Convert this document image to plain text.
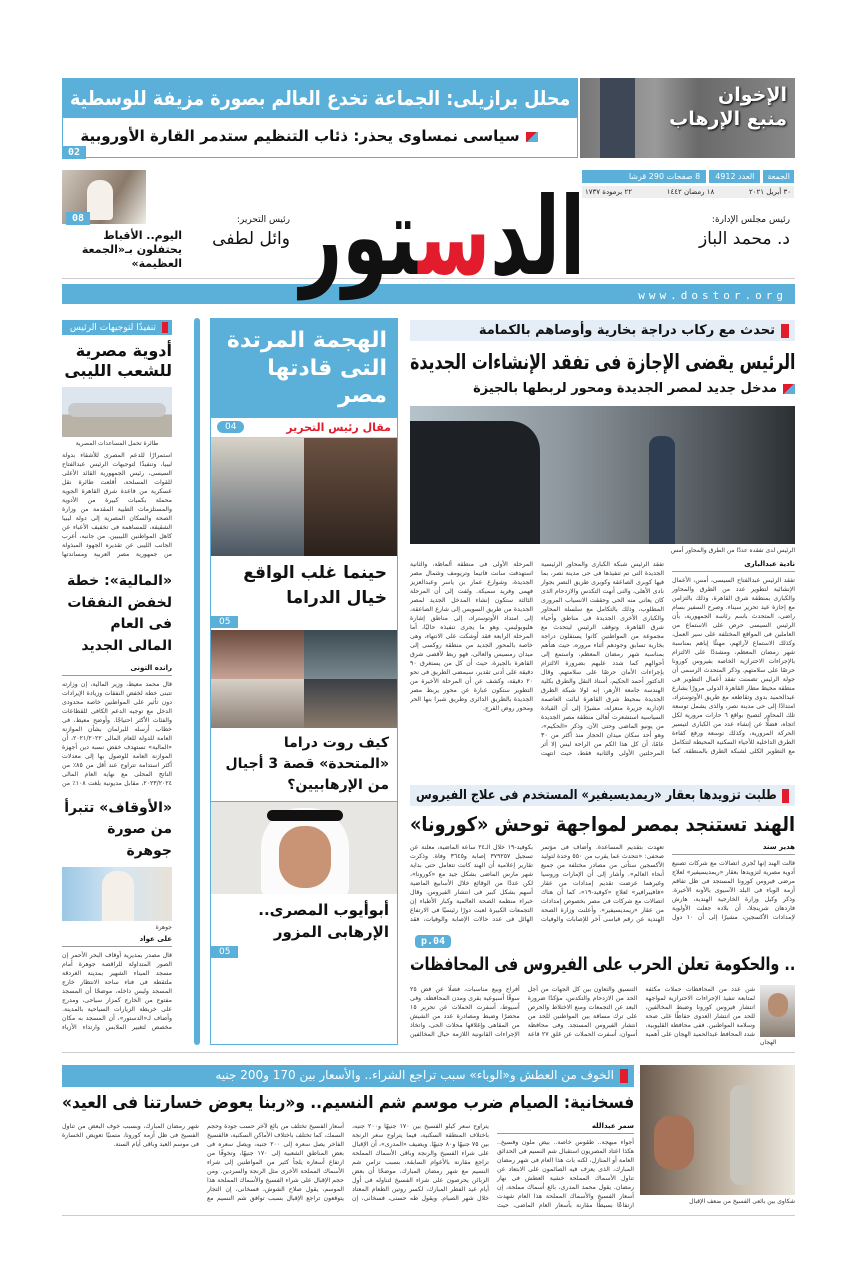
محلل برازيلى: الجماعة تخدع العالم بصورة مزيفة للوسطية
سياسى نمساوى يحذر: ذئاب التنظيم ستدمر القارة الأوروبية
02
الإخوان
منبع الإرهاب
الجمعة
العدد 4912
8 صفحات 290 قرشا
٣٠ أبريل ٢٠٢١
١٨ رمضان ١٤٤٢
٢٢ برمودة ١٧٣٧
رئيس مجلس الإدارة:
د. محمد الباز
الدستور
رئيس التحرير:
وائل لطفى
08
اليوم.. الأقباط يحتفلون بـ«الجمعة العظيمة»
www.dostor.org
تنفيذًا لتوجيهات الرئيس
أدوية مصرية للشعب الليبى
طائرة تحمل المساعدات المصرية
استمرارًا للدعم المصرى للأشقاء بدولة ليبيا، وتنفيذًا لتوجيهات الرئيس عبدالفتاح السيسى، رئيس الجمهورية القائد الأعلى للقوات المسلحة، أقلعت طائرة نقل عسكرية من قاعدة شرق القاهرة الجوية محملة بكميات كبيرة من الأدوية والمستلزمات الطبية المقدمة من وزارة الصحة والسكان المصرية إلى دولة ليبيا الشقيقة، للمساهمة فى تخفيف الأعباء عن كاهل المواطنين الليبيين. من جانبه، أعرب الجانب الليبى عن تقديره الجهود المبذولة من جمهورية مصر العربية ومساندتها
«المالية»: خطة لخفض النفقات فى العام المالى الجديد
رانده التونى
قال محمد معيط، وزير المالية، إن وزارته تتبنى خطة لخفض النفقات وزيادة الإيرادات دون تأثير على المواطنين خاصة محدودى الدخل مع توجيه الدعم الكافى للقطاعات والفئات الأكثر احتياجًا. وأوضح معيط، فى خطاب أرسله للبرلمان بشأن الموازنة العامة للدولة للعام المالى ٢٠٢١/٢٠٢٢، أن «المالية» تستهدف خفض نسبة دين أجهزة الموازنة العامة للوصول بها إلى معدلات أكثر استدامة تتراوح عند أقل من ٨٥٪ من الناتج المحلى مع نهاية العام المالى ٢٠٢٣/٢٠٢٤، مقابل مديونية بلغت ١٠٨٪ من
«الأوقاف» تتبرأ من صورة جوهرة
جوهرة
على عواد
قال مصدر بمديرية أوقاف البحر الأحمر إن الصور المتداولة للراقصة جوهرة أمام مسجد الميناء الشهير بمدينة الغردقة ملتقطة فى فناء ساحة الانتظار خارج المسجد وليس داخله، موضحًا أن المسجد مفتوح من الخارج كمزار سياحى، ومدرج على خريطة الزيارات السياحية بالمدينة. وأضاف لـ«الدستور»، أن المسجد به مكان مخصص لتغيير الملابس وارتداء الأزياء
الهجمة المرتدة التى قادتها مصر
مقال رئيس التحرير
04
حينما غلب الواقع خيال الدراما
05
كيف روت دراما «المتحدة» قصة 3 أجيال من الإرهابيين؟
أبوأيوب المصرى.. الإرهابى المزور
05
تحدث مع ركاب دراجة بخارية وأوصاهم بالكمامة
الرئيس يقضى الإجازة فى تفقد الإنشاءات الجديدة
مدخل جديد لمصر الجديدة ومحور لربطها بالجيزة
الرئيس لدى تفقده عددًا من الطرق والمحاور أمس
نادية عبدالبارى
تفقد الرئيس عبدالفتاح السيسى، أمس، الأعمال الإنشائية لتطوير عدد من الطرق والمحاور والكبارى بمنطقة شرق القاهرة، وذلك بالتزامن مع إجازة عيد تحرير سيناء. وصرح السفير بسام راضى، المتحدث باسم رئاسة الجمهورية، بأن الرئيس السيسى حرص على الاستماع من العاملين فى المواقع المختلفة على سير العمل، وكذلك الاستماع لآرائهم، مهنئًا إياهم بمناسبة شهر رمضان المعظم، ومشددًا على الالتزام بالإجراءات الاحترازية الخاصة بفيروس كورونا حرصًا على سلامتهم. وذكر المتحدث الرسمى أن جولة الرئيس تضمنت تفقد أعمال التطوير فى منطقة محيط مطار القاهرة الدولى مرورًا بشارع عبدالحميد بدوى وتقاطعه مع طريق الأوتوستراد، امتدادًا إلى حى مدينة نصر، والذى يشمل توسعة تلك المحاور لتصبح بواقع ٦ حارات مرورية لكل اتجاه، فضلًا عن إنشاء عدد من الكبارى لتيسير الحركة المرورية، وكذلك توسعة ورفع كفاءة الطرق الداخلية للأحياء السكنية المحيطة لتتكامل مع التطوير الكلى لشبكة الطرق بالمنطقة. كما تفقد الرئيس شبكة الكبارى والمحاور الرئيسية الجديدة التى تم تنفيذها فى حى مدينة نصر، بما فيها كوبرى الصاعقة وكوبرى طريق النصر بجوار نادى الأهلى، والتى أنهت التكدس والازدحام الذى كان يعانى منه الحى وحققت الانسياب المرورى المطلوب، وذلك بالتكامل مع سلسلة المحاور والكبارى الأخرى الجديدة فى مناطق وأحياء شرق القاهرة. وتوقف الرئيس ليتحدث مع مجموعة من المواطنين كانوا يستقلون دراجة بخارية تسابق وجودهم أثناء مروره، حيث هنأهم بمناسبة شهر رمضان المعظم، واستمع إلى أحوالهم كما شدد عليهم بضرورة الالتزام بإجراءات الأمان حرصًا على سلامتهم. وقال الدكتور أحمد الحكيم، أستاذ النقل والطرق بكلية الهندسة جامعة الأزهر، إنه لولا شبكة الطرق الجديدة بمحيط شرق القاهرة لبائت العاصمة الإدارية جزيرة منعزلة، مشيرًا إلى أن القيادة السياسية استشعرت أهالى منطقة مصر الجديدة من يونيو الماضى وحتى الآن. وذكر «الحكيم»، وهو أحد سكان ميدان الحجاز منذ أكثر من ٣٠ عامًا، أن كل هذا الكم من الراحة ليس إلا أثر المرحلتين الأولى والثانية فقط، حيث انتهت المرحلة الأولى فى منطقة ألماظة، والثانية استهدفت سانت فاتيما وتريومف وشمال مصر الجديدة، وشوارع عمار بن ياسر وعبدالعزيز فهمى وفريد سميكة. ولفت إلى أن المرحلة الثالثة ستكون إنشاء المدخل الجديد لمصر الجديدة من طريق السويس إلى شارع الصاعقة، إلى امتداد الأوتوستراد، إلى مناطق إشارة هليوبوليس، وهو ما يجرى تنفيذه حاليًا، أما المرحلة الرابعة فقد أوشكت على الانتهاء، وهى خاصة بالمحور الجديد من منطقة روكسى إلى ميدان رمسيس والعالى، فهو ربط لأقصى شرق القاهرة بالجيزة، حيث أن كل من يستغرق ٩٠ دقيقة على أدنى تقدير، سيمضى الطريق فى نحو ٢٠ دقيقة، وكشف عن أن المرحلة الأخيرة من التطوير ستكون عبارة عن محور يربط مصر الجديدة بالطريق الدائرى وطريق شبرا بنها الحر ومحور روض الفرج.
طلبت تزويدها بعقار «ريمديسيفير» المستخدم فى علاج الفيروس
الهند تستنجد بمصر لمواجهة توحش «كورونا»
هدير سند
قالت الهند إنها تُجرى اتصالات مع شركات تصنيع أدوية مصرية لتزويدها بعقار «ريمديسيفير» لعلاج مرضى فيروس كورونا المستجد فى ظل تفاقم أزمة الوباء فى البلد الآسيوى بالآونة الأخيرة. وذكر وكيل وزارة الخارجية الهندية، هارش فاردهان شرينجلا، أن بلاده جعلت الأولوية لإمدادات الأكسجين، مشيرًا إلى أن ١٠ دول تعهدت بتقديم المساعدة. وأضاف فى مؤتمر صحفى: «نتحدث عما يقرب من ٥٥٠ وحدة لتوليد الأكسجين ستأتى من مصادر مختلفة من جميع أنحاء العالم». وأشار إلى أن الإمارات وروسيا وغيرهما عرضت تقديم إمدادات من عقار «فافيبرافير» لعلاج «كوفيد-١٩»، كما أن هناك اتصالات مع شركات فى مصر بخصوص إمدادات من عقار «ريمديسيفير». وأعلنت وزارة الصحة الهندية عن رقم قياسى آخر للإصابات والوفيات بكوفيد-١٩ خلال الـ٢٤ ساعة الماضية، معلنة عن تسجيل ٣٧٩٢٥٧ إصابة و٣٦٤٥ وفاة. وذكرت تقارير إعلامية أن الهند كانت تتعامل حتى بداية شهر مارس الماضى بشكل جيد مع «كورونا»، لكن عددًا من الوقائع خلال الأسابيع الماضية أسهم بشكل كبير فى انتشار الفيروس. وقال خبراء منظمة الصحة العالمية وكبار الأطباء إن التجمعات الكبيرة لعبت دورًا رئيسيًا فى الارتفاع الهائل فى عدد حالات الإصابة والوفيات، فقد
p.04
.. والحكومة تعلن الحرب على الفيروس فى المحافظات
الهجان
شن عدد من المحافظات حملات مكثفة لمتابعة تنفيذ الإجراءات الاحترازية لمواجهة انتشار فيروس كورونا وضبط المخالفين، للحد من انتشار العدوى حفاظًا على صحة وسلامة المواطنين. ففى محافظة القليوبية، شدد المحافظ عبدالحميد الهجان على أهمية التنسيق والتعاون بين كل الجهات من أجل الحد من الازدحام والتكدس، مؤكدًا ضرورة البعد عن التجمعات ومنع الاختلاط والحرص على ترك مسافة بين المواطنين للحد من انتشار الفيروس المستجد. وفى محافظة أسوان، أسفرت الحملات عن غلق ٢٧ قاعة أفراح وبيع مناسبات، فضلًا عن فض ٢٥ سوقًا أسبوعية بقرى ومدن المحافظة. وفى أسيوط، أسفرت الحملات عن تحرير ١٥ محضرًا وضبط ومصادرة عدد من الشيش من المقاهى وإغلاقها محلات الحى، واتخاذ الإجراءات القانونية اللازمة حيال المخالفين
شكاوى بين بائعى الفسيخ من ضعف الإقبال
الخوف من العطش و«الوباء» سبب تراجع الشراء.. والأسعار بين 170 و200 جنيه
فسخانية: الصيام ضرب موسم شم النسيم.. و«ربنا يعوض خسارتنا فى العيد»
سمر عبدالله
أجواء مبهجة.. طقوس خاصة.. بيض ملون وفسيخ.. هكذا اعتاد المصريون استقبال شم النسيم فى الحدائق العامة أو المنازل، لكنه بات هذا العام فى شهر رمضان المبارك، الذى يعزف فيه الصائمون على الابتعاد عن تناول الأسماك المملحة خشية العطش فى نهار رمضان. يقول محمد المدرى، بائع أسماك مملحة، إن أسعار الفسيخ والأسماك المملحة هذا العام شهدت ارتفاعًا بسيطًا مقارنة بأسعار العام الماضى، حيث يتراوح سعر كيلو الفسيخ بين ١٧٠ جنيهًا و٢٠٠ جنيه، باختلاف المنطقة السكنية، فيما يتراوح سعر الرنجة بين ٧٥ جنيهًا و٨٠ جنيهًا. ويضيف «المدرى»، أن الإقبال على شراء الفسيخ والرنجة وباقى الأسماك المملحة تراجع مقارنة بالأعوام السابقة، بسبب تزامن شم النسيم مع شهر رمضان المبارك، موضحًا أن بعض الزبائن يحرصون على شراء الفسيخ لتناوله فى أول أيام عيد الفطر المبارك، لكسر روتين الطعام المعتاد خلال شهر الصيام. ويقول طه حسنى، فسخانى، إن أسعار الفسيخ تختلف من بائع لآخر حسب جودة وحجم السمك، كما تختلف باختلاف الأماكن السكنية، فالفسيخ الفاخر يصل سعره إلى ٢٠٠ جنيه، ويصل سعره فى بعض المناطق الشعبية إلى ١٧٠ جنيهًا، وتخوفًا من ارتفاع أسعاره يلجأ كثير من المواطنين إلى شراء الأسماك المملحة الأخرى مثل الرنجة والسردين. ومن حجم الإقبال على شراء الفسيخ والأسماك المملحة هذا الموسم، يقول صلاح الشوش، فسخانى، إن التجار يتوقعون تراجع الإقبال بسبب توافق شم النسيم مع شهر رمضان المبارك، وبسبب خوف البعض من تناول الفسيخ فى ظل أزمة كورونا، متمنيًا تعويض الخسارة فى موسم العيد وباقى أيام السنة.
